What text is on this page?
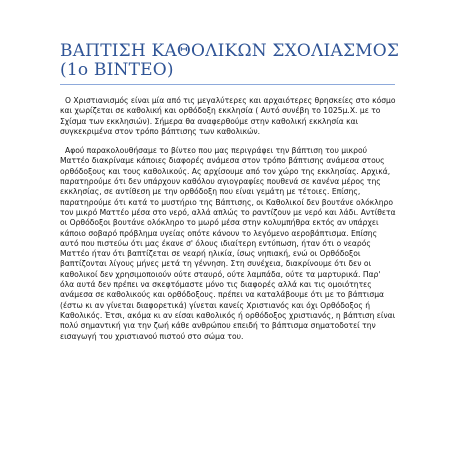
ΒΑΠΤΙΣΗ ΚΑΘΟΛΙΚΩΝ ΣΧΟΛΙΑΣΜΟΣ (1ο ΒΙΝΤΕΟ)

Ο Χριστιανισμός είναι μία από τις μεγαλύτερες και αρχαιότερες θρησκείες στο κόσμο και χωρίζεται σε καθολική και ορθόδοξη εκκλησία ( Αυτό συνέβη το 1025μ.Χ. με το Σχίσμα των εκκλησιών). Σήμερα θα αναφερθούμε στην καθολική εκκλησία και συγκεκριμένα στον τρόπο βάπτισης των καθολικών.

Αφού παρακολουθήσαμε το βίντεο που μας περιγράφει την βάπτιση του μικρού Ματτέο διακρίναμε κάποιες διαφορές ανάμεσα στον τρόπο βάπτισης ανάμεσα στους ορθόδοξους και τους καθολικούς. Ας αρχίσουμε από τον χώρο της εκκλησίας. Αρχικά, παρατηρούμε ότι δεν υπάρχουν καθόλου αγιογραφίες πουθενά σε κανένα μέρος της εκκλησίας, σε αντίθεση με την ορθόδοξη που είναι γεμάτη με τέτοιες. Επίσης, παρατηρούμε ότι κατά το μυστήριο της Βάπτισης, οι Καθολικοί δεν βουτάνε ολόκληρο τον μικρό Ματτέο μέσα στο νερό, αλλά απλώς το ραντίζουν με νερό και λάδι. Αντίθετα οι Ορθόδοξοι βουτάνε ολόκληρο το μωρό μέσα στην κολυμπήθρα εκτός αν υπάρχει κάποιο σοβαρό πρόβλημα υγείας οπότε κάνουν το λεγόμενο αεροβάπτισμα. Επίσης αυτό που πιστεύω ότι μας έκανε σ' όλους ιδιαίτερη εντύπωση, ήταν ότι ο νεαρός Ματτέο ήταν ότι βαπτίζεται σε νεαρή ηλικία, ίσως νηπιακή, ενώ οι Ορθόδοξοι βαπτίζονται λίγους μήνες μετά τη γέννηση. Στη συνέχεια, διακρίνουμε ότι δεν οι καθολικοί δεν χρησιμοποιούν ούτε σταυρό, ούτε λαμπάδα, ούτε τα μαρτυρικά. Παρ' όλα αυτά δεν πρέπει να σκεφτόμαστε μόνο τις διαφορές αλλά και τις ομοιότητες ανάμεσα σε καθολικούς και ορθόδοξους. πρέπει να καταλάβουμε ότι με το βάπτισμα (έστω κι αν γίνεται διαφορετικά) γίνεται κανείς Χριστιανός και όχι Ορθόδοξος ή Καθολικός. Έτσι, ακόμα κι αν είσαι καθολικός ή ορθόδοξος χριστιανός, η βάπτιση είναι πολύ σημαντική για την ζωή κάθε ανθρώπου επειδή το βάπτισμα σηματοδοτεί την εισαγωγή του χριστιανού πιστού στο σώμα του.
